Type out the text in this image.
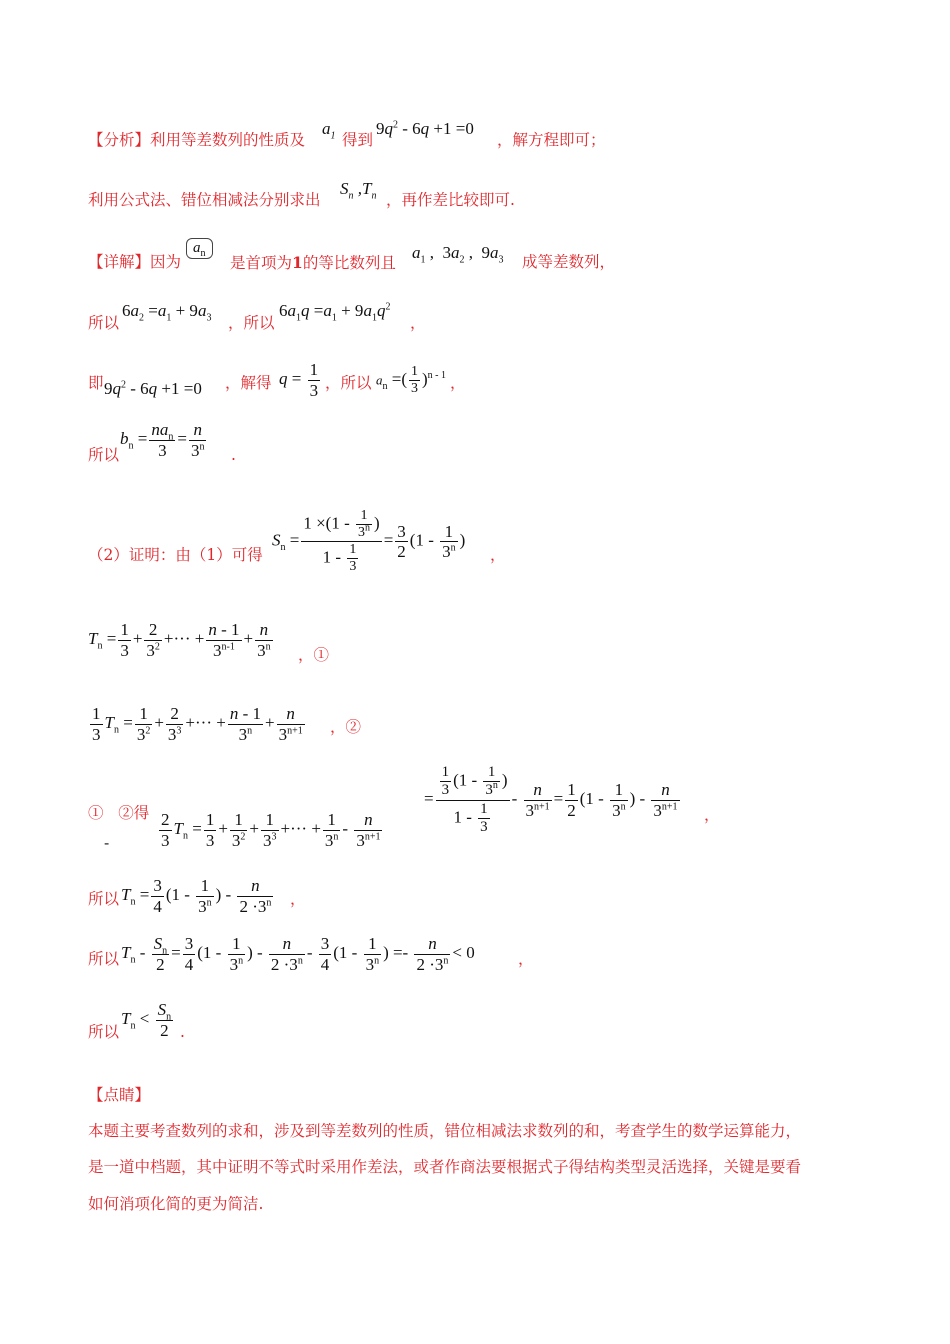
【分析】利用等差数列的性质及
$a_1$ 得到
$9q^2 - 6q +1 =0$
，解方程即可；
利用公式法、错位相减法分别求出
$S_n$ $,T_n$ ，再作差比较即可.
【详解】因为
$a_n$
是首项为1的等比数列且
$a_1$ ,  $3a_2$ ,  $9a_3$ 成等差数列，
所以
$6a_2 =a_1 + 9a_3$ ，所以
$6a_1q =a_1 + 9a_1q^2$
，
即 $9q^2 - 6q +1 =0$ ，解得 $q = \frac{1}{3}$ ，所以 $a_n$ =( $\frac{1}{3} )^{n - 1}$ ，
所以
$b_n = \frac{na_n}{3} = \frac{n}{3^n}$ .
（2）证明：由（1）可得
$S_n = \frac{1 \times(1 - \frac{1}{3^n} )}{1 - \frac{1}{3}} = \frac{3}{2} (1 - \frac{1}{3^n}$ )
，
$T_n = \frac{1}{3} + \frac{2}{3^2}$ +··· + $\frac{n - 1}{3^{n-1}} + \frac{n}{3^n}$ ，①
$\frac{1}{3} T_n = \frac{1}{3^2} + \frac{2}{3^3}$ +··· + $\frac{n - 1}{3^n} + \frac{n}{3^{n+1}}$ ，②
① ②得
-	$\frac{2}{3} T_n = \frac{1}{3} + \frac{1}{3^2} + \frac{1}{3^3}$ +··· + $\frac{1}{3^n} - \frac{n}{3^{n+1}}$
= $\frac{\frac{1}{3} (1 - \frac{1}{3^n} )}{1 - \frac{1}{3}} - \frac{n}{3^{n+1}} = \frac{1}{2} (1 - \frac{1}{3^n}$ ) - $\frac{n}{3^{n+1}}$ ，
所以 $T_n = \frac{3}{4} (1 - \frac{1}{3^n}$ ) - $\frac{n}{2 \cdot 3^n}$ ，
所以 $T_n - \frac{S_n}{2} = \frac{3}{4} (1 - \frac{1}{3^n}$ ) - $\frac{n}{2 \cdot 3^n} - \frac{3}{4} (1 - \frac{1}{3^n}$ ) =- $\frac{n}{2 \cdot 3^n} < 0$	，
所以
$T_n < \frac{S_n}{2}$ .
【点睛】
本题主要考查数列的求和，涉及到等差数列的性质，错位相减法求数列的和，考查学生的数学运算能力，
是一道中档题，其中证明不等式时采用作差法，或者作商法要根据式子得结构类型灵活选择，关键是要看
如何消项化简的更为简洁.
